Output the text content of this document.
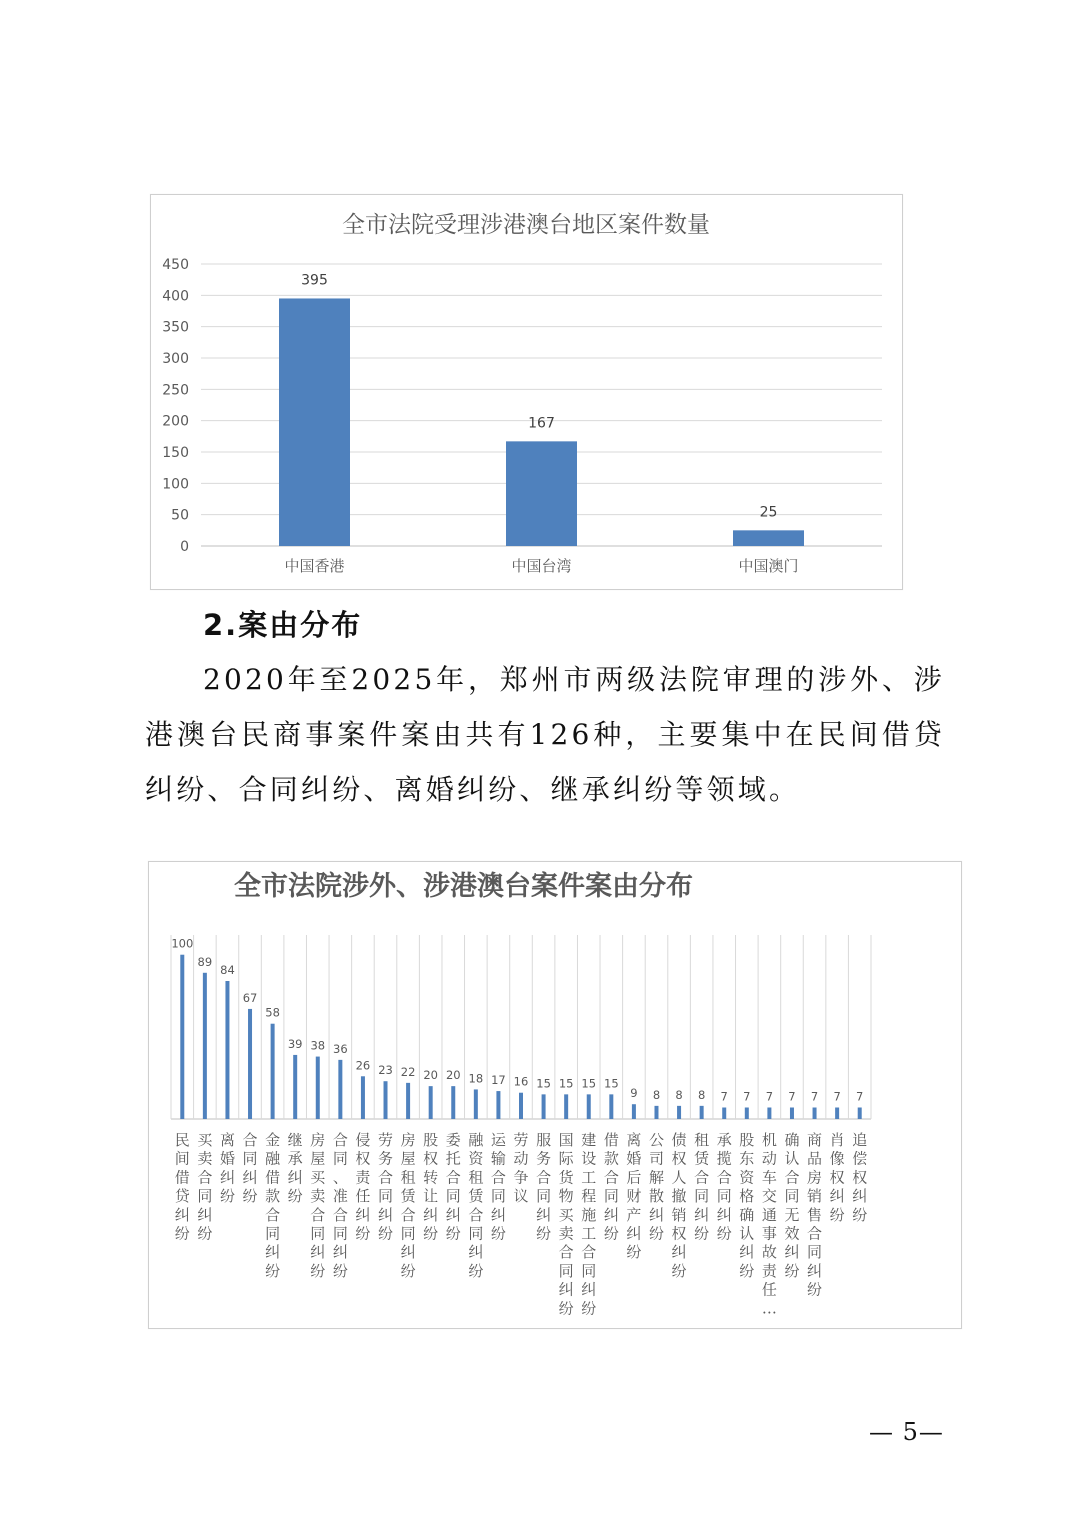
全市法院受理涉港澳台地区案件数量
0
50
100
150
200
250
300
350
400
450
395
中国香港
167
中国台湾
25
中国澳门
2.案由分布
2020年至2025年，郑州市两级法院审理的涉外、涉港澳台民商事案件案由共有126种，主要集中在民间借贷纠纷、合同纠纷、离婚纠纷、继承纠纷等领域。
全市法院涉外、涉港澳台案件案由分布
100
民间借贷纠纷
89
买卖合同纠纷
84
离婚纠纷
67
合同纠纷
58
金融借款合同纠纷
39
继承纠纷
38
房屋买卖合同纠纷
36
合同、准合同纠纷
26
侵权责任纠纷
23
劳务合同纠纷
22
房屋租赁合同纠纷
20
股权转让纠纷
20
委托合同纠纷
18
融资租赁合同纠纷
17
运输合同纠纷
16
劳动争议
15
服务合同纠纷
15
国际货物买卖合同纠纷
15
建设工程施工合同纠纷
15
借款合同纠纷
9
离婚后财产纠纷
8
公司解散纠纷
8
债权人撤销权纠纷
8
租赁合同纠纷
7
承揽合同纠纷
7
股东资格确认纠纷
7
机动车交通事故责任…
7
确认合同无效纠纷
7
商品房销售合同纠纷
7
肖像权纠纷
7
追偿权纠纷
— 5—
